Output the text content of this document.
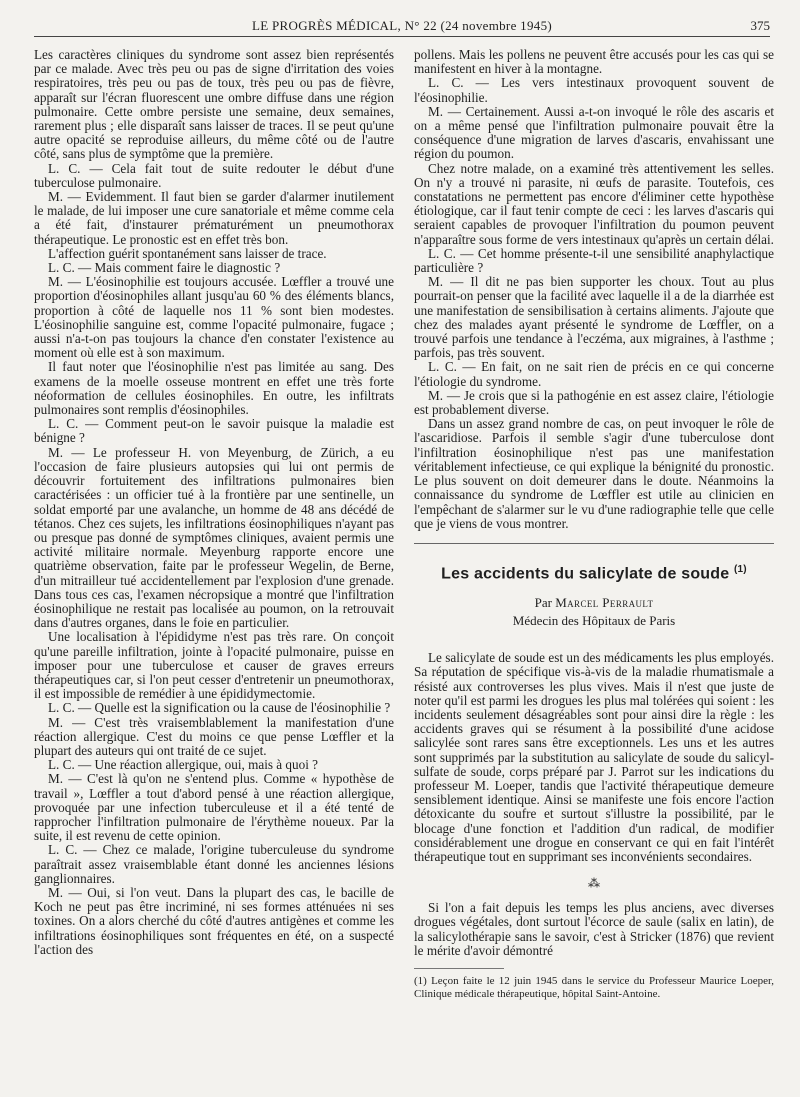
LE PROGRÈS MÉDICAL, N° 22 (24 novembre 1945)	375

Les caractères cliniques du syndrome sont assez bien représentés par ce malade. Avec très peu ou pas de signe d'irritation des voies respiratoires, très peu ou pas de toux, très peu ou pas de fièvre, apparaît sur l'écran fluorescent une ombre diffuse dans une région pulmonaire. Cette ombre persiste une semaine, deux semaines, rarement plus ; elle disparaît sans laisser de traces. Il se peut qu'une autre opacité se reproduise ailleurs, du même côté ou de l'autre côté, sans plus de symptôme que la première.

L. C. — Cela fait tout de suite redouter le début d'une tuberculose pulmonaire.

M. — Evidemment. Il faut bien se garder d'alarmer inutilement le malade, de lui imposer une cure sanatoriale et même comme cela a été fait, d'instaurer prématurément un pneumothorax thérapeutique. Le pronostic est en effet très bon.

L'affection guérit spontanément sans laisser de trace.

L. C. — Mais comment faire le diagnostic ?

M. — L'éosinophilie est toujours accusée. Lœffler a trouvé une proportion d'éosinophiles allant jusqu'au 60 % des éléments blancs, proportion à côté de laquelle nos 11 % sont bien modestes. L'éosinophilie sanguine est, comme l'opacité pulmonaire, fugace ; aussi n'a-t-on pas toujours la chance d'en constater l'existence au moment où elle est à son maximum.

Il faut noter que l'éosinophilie n'est pas limitée au sang. Des examens de la moelle osseuse montrent en effet une très forte néoformation de cellules éosinophiles. En outre, les infiltrats pulmonaires sont remplis d'éosinophiles.

L. C. — Comment peut-on le savoir puisque la maladie est bénigne ?

M. — Le professeur H. von Meyenburg, de Zürich, a eu l'occasion de faire plusieurs autopsies qui lui ont permis de découvrir fortuitement des infiltrations pulmonaires bien caractérisées : un officier tué à la frontière par une sentinelle, un soldat emporté par une avalanche, un homme de 48 ans décédé de tétanos. Chez ces sujets, les infiltrations éosinophiliques n'ayant pas ou presque pas donné de symptômes cliniques, avaient permis une activité militaire normale. Meyenburg rapporte encore une quatrième observation, faite par le professeur Wegelin, de Berne, d'un mitrailleur tué accidentellement par l'explosion d'une grenade. Dans tous ces cas, l'examen nécropsique a montré que l'infiltration éosinophilique ne restait pas localisée au poumon, on la retrouvait dans d'autres organes, dans le foie en particulier.

Une localisation à l'épididyme n'est pas très rare. On conçoit qu'une pareille infiltration, jointe à l'opacité pulmonaire, puisse en imposer pour une tuberculose et causer de graves erreurs thérapeutiques car, si l'on peut cesser d'entretenir un pneumothorax, il est impossible de remédier à une épididymectomie.

L. C. — Quelle est la signification ou la cause de l'éosinophilie ?

M. — C'est très vraisemblablement la manifestation d'une réaction allergique. C'est du moins ce que pense Lœffler et la plupart des auteurs qui ont traité de ce sujet.

L. C. — Une réaction allergique, oui, mais à quoi ?

M. — C'est là qu'on ne s'entend plus. Comme « hypothèse de travail », Lœffler a tout d'abord pensé à une réaction allergique, provoquée par une infection tuberculeuse et il a été tenté de rapprocher l'infiltration pulmonaire de l'érythème noueux. Par la suite, il est revenu de cette opinion.

L. C. — Chez ce malade, l'origine tuberculeuse du syndrome paraîtrait assez vraisemblable étant donné les anciennes lésions ganglionnaires.

M. — Oui, si l'on veut. Dans la plupart des cas, le bacille de Koch ne peut pas être incriminé, ni ses formes atténuées ni ses toxines. On a alors cherché du côté d'autres antigènes et comme les infiltrations éosinophiliques sont fréquentes en été, on a suspecté l'action des

pollens. Mais les pollens ne peuvent être accusés pour les cas qui se manifestent en hiver à la montagne.

L. C. — Les vers intestinaux provoquent souvent de l'éosinophilie.

M. — Certainement. Aussi a-t-on invoqué le rôle des ascaris et on a même pensé que l'infiltration pulmonaire pouvait être la conséquence d'une migration de larves d'ascaris, envahissant une région du poumon.

Chez notre malade, on a examiné très attentivement les selles. On n'y a trouvé ni parasite, ni œufs de parasite. Toutefois, ces constatations ne permettent pas encore d'éliminer cette hypothèse étiologique, car il faut tenir compte de ceci : les larves d'ascaris qui seraient capables de provoquer l'infiltration du poumon peuvent n'apparaître sous forme de vers intestinaux qu'après un certain délai.

L. C. — Cet homme présente-t-il une sensibilité anaphylactique particulière ?

M. — Il dit ne pas bien supporter les choux. Tout au plus pourrait-on penser que la facilité avec laquelle il a de la diarrhée est une manifestation de sensibilisation à certains aliments. J'ajoute que chez des malades ayant présenté le syndrome de Lœffler, on a trouvé parfois une tendance à l'eczéma, aux migraines, à l'asthme ; parfois, pas très souvent.

L. C. — En fait, on ne sait rien de précis en ce qui concerne l'étiologie du syndrome.

M. — Je crois que si la pathogénie en est assez claire, l'étiologie est probablement diverse.

Dans un assez grand nombre de cas, on peut invoquer le rôle de l'ascaridiose. Parfois il semble s'agir d'une tuberculose dont l'infiltration éosinophilique n'est pas une manifestation véritablement infectieuse, ce qui explique la bénignité du pronostic. Le plus souvent on doit demeurer dans le doute. Néanmoins la connaissance du syndrome de Lœffler est utile au clinicien en l'empêchant de s'alarmer sur le vu d'une radiographie telle que celle que je viens de vous montrer.

Les accidents du salicylate de soude $^{(1)}$
Par Marcel Perrault
Médecin des Hôpitaux de Paris

Le salicylate de soude est un des médicaments les plus employés. Sa réputation de spécifique vis-à-vis de la maladie rhumatismale a résisté aux controverses les plus vives. Mais il n'est que juste de noter qu'il est parmi les drogues les plus mal tolérées qui soient : les incidents seulement désagréables sont pour ainsi dire la règle : les accidents graves qui se résument à la possibilité d'une acidose salicylée sont rares sans être exceptionnels. Les uns et les autres sont supprimés par la substitution au salicylate de soude du salicyl-sulfate de soude, corps préparé par J. Parrot sur les indications du professeur M. Loeper, tandis que l'activité thérapeutique demeure sensiblement identique. Ainsi se manifeste une fois encore l'action détoxicante du soufre et surtout s'illustre la possibilité, par le blocage d'une fonction et l'addition d'un radical, de modifier considérablement une drogue en conservant ce qui en fait l'intérêt thérapeutique tout en supprimant ses inconvénients secondaires.

⁂

Si l'on a fait depuis les temps les plus anciens, avec diverses drogues végétales, dont surtout l'écorce de saule (salix en latin), de la salicylothérapie sans le savoir, c'est à Stricker (1876) que revient le mérite d'avoir démontré

(1) Leçon faite le 12 juin 1945 dans le service du Professeur Maurice Loeper, Clinique médicale thérapeutique, hôpital Saint-Antoine.
